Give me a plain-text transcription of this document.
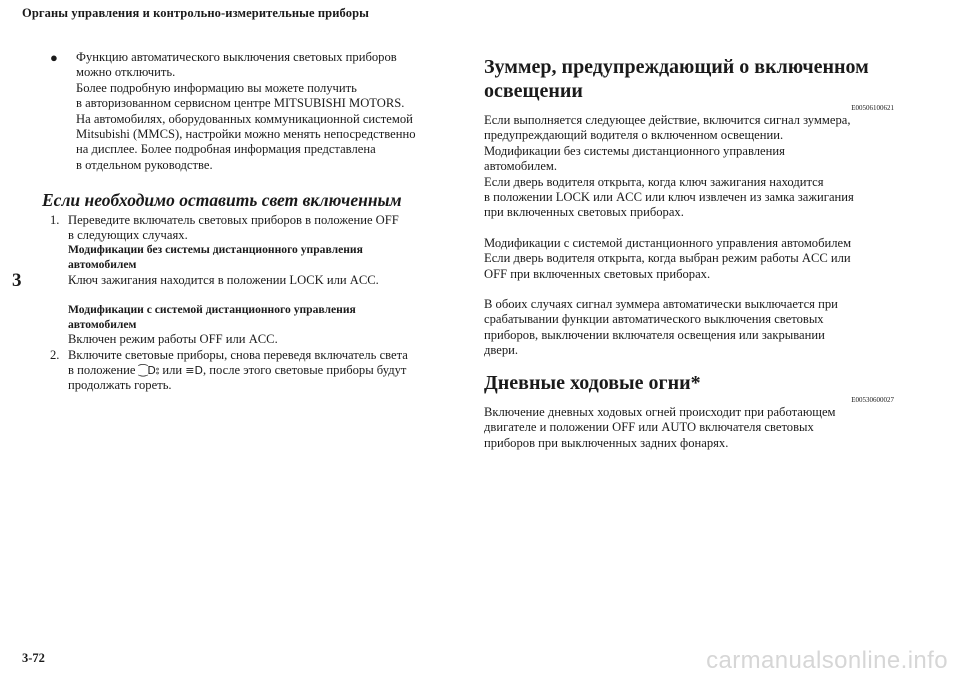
Органы управления и контрольно-измерительные приборы
3
●	Функцию автоматического выключения световых приборов
можно отключить.
Более подробную информацию вы можете получить
в авторизованном сервисном центре MITSUBISHI MOTORS.
На автомобилях, оборудованных коммуникационной системой
Mitsubishi (MMCS), настройки можно менять непосредственно
на дисплее. Более подробная информация представлена
в отдельном руководстве.
Если необходимо оставить свет включенным
1. Переведите включатель световых приборов в положение OFF
в следующих случаях.
Модификации без системы дистанционного управления
автомобилем
Ключ зажигания находится в положении LOCK или ACC.
Модификации с системой дистанционного управления
автомобилем
Включен режим работы OFF или ACC.
2. Включите световые приборы, снова переведя включатель света
в положение ⁐D⦂ или ≡D, после этого световые приборы будут
продолжать гореть.
Зуммер, предупреждающий о включенном
освещении
E00506100621
Если выполняется следующее действие, включится сигнал зуммера,
предупреждающий водителя о включенном освещении.
Модификации без системы дистанционного управления
автомобилем.
Если дверь водителя открыта, когда ключ зажигания находится
в положении LOCK или ACC или ключ извлечен из замка зажигания
при включенных световых приборах.
Модификации с системой дистанционного управления автомобилем
Если дверь водителя открыта, когда выбран режим работы ACC или
OFF при включенных световых приборах.
В обоих случаях сигнал зуммера автоматически выключается при
срабатывании функции автоматического выключения световых
приборов, выключении включателя освещения или закрывании
двери.
Дневные ходовые огни*
E00530600027
Включение дневных ходовых огней происходит при работающем
двигателе и положении OFF или AUTO включателя световых
приборов при выключенных задних фонарях.
3-72	carmanualsonline.info
